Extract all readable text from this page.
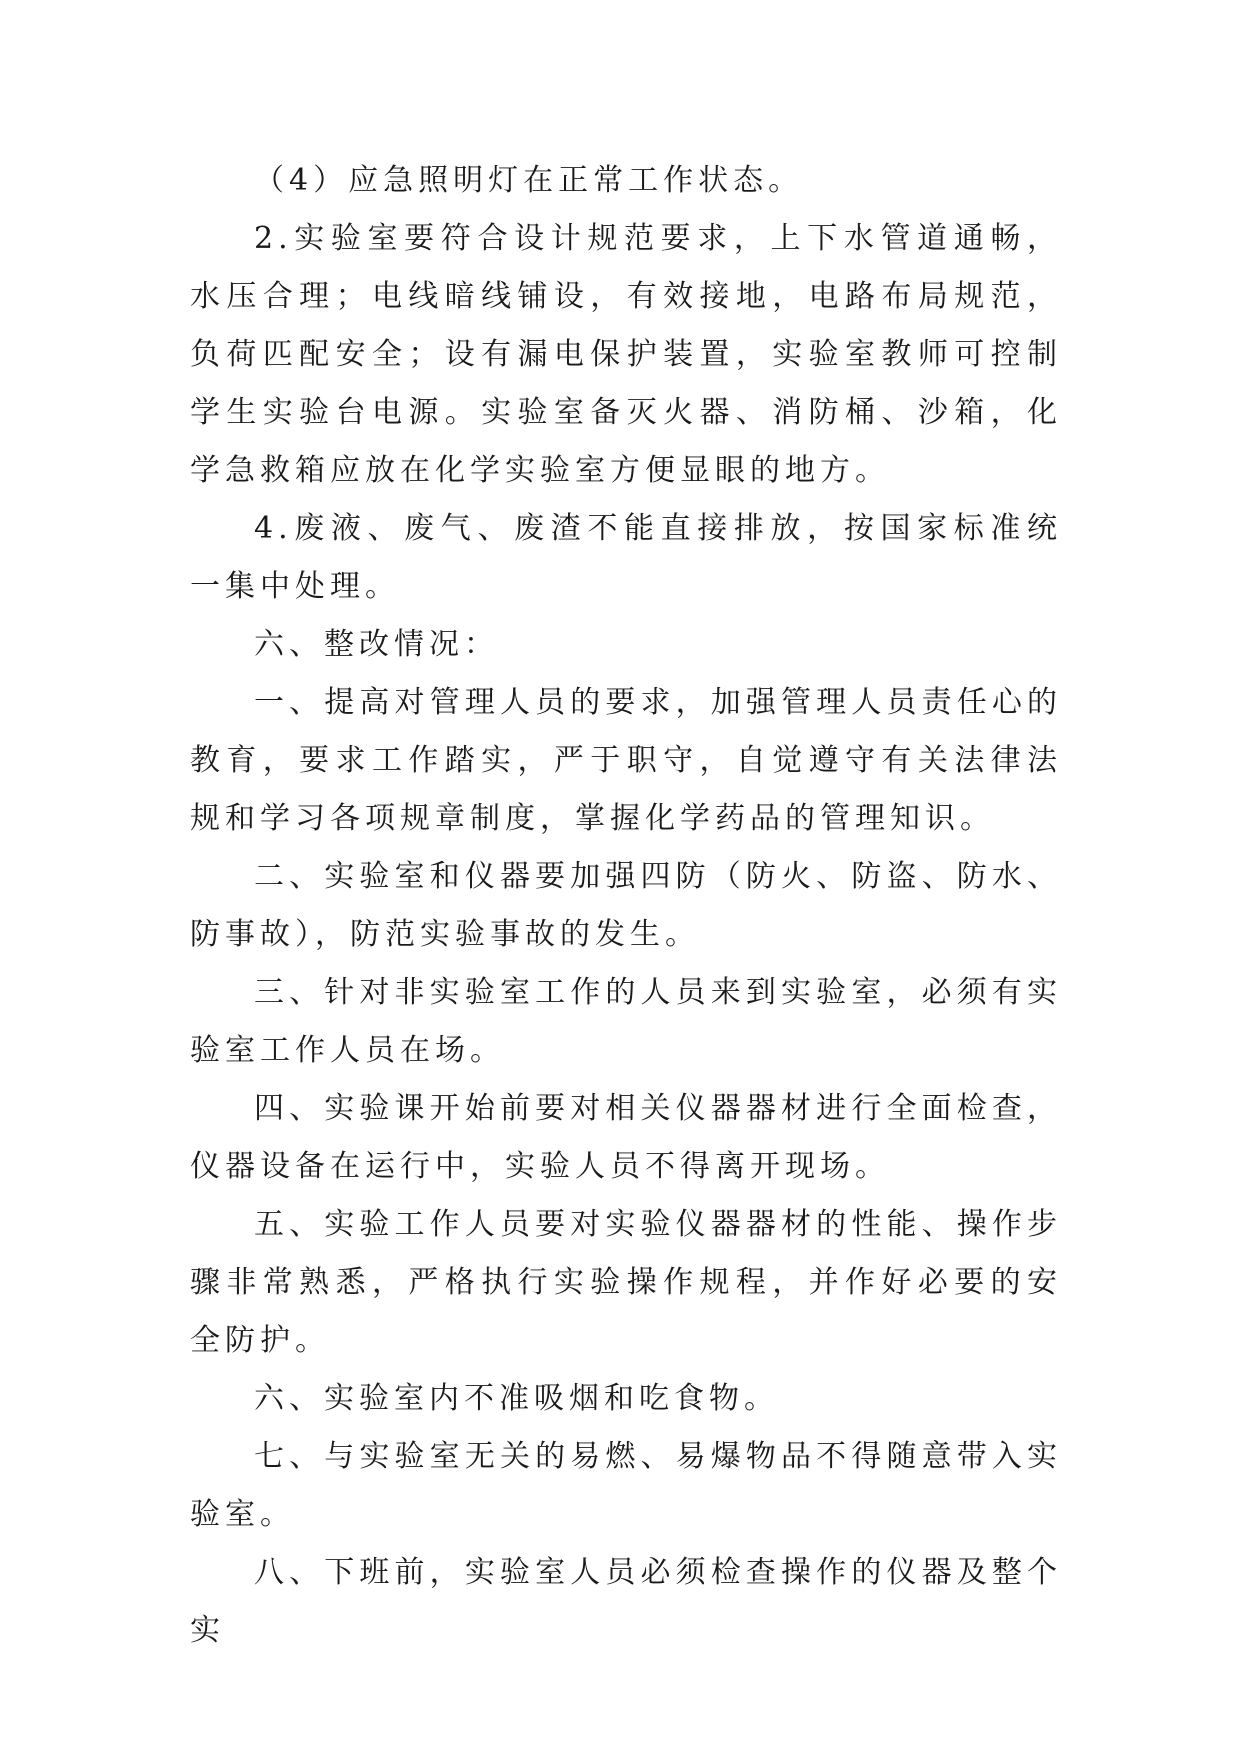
（4）应急照明灯在正常工作状态。

2.实验室要符合设计规范要求，上下水管道通畅，水压合理；电线暗线铺设，有效接地，电路布局规范，负荷匹配安全；设有漏电保护装置，实验室教师可控制学生实验台电源。实验室备灭火器、消防桶、沙箱，化学急救箱应放在化学实验室方便显眼的地方。

4.废液、废气、废渣不能直接排放，按国家标准统一集中处理。

六、整改情况：

一、提高对管理人员的要求，加强管理人员责任心的教育，要求工作踏实，严于职守，自觉遵守有关法律法规和学习各项规章制度，掌握化学药品的管理知识。

二、实验室和仪器要加强四防（防火、防盗、防水、防事故），防范实验事故的发生。

三、针对非实验室工作的人员来到实验室，必须有实验室工作人员在场。

四、实验课开始前要对相关仪器器材进行全面检查，仪器设备在运行中，实验人员不得离开现场。

五、实验工作人员要对实验仪器器材的性能、操作步骤非常熟悉，严格执行实验操作规程，并作好必要的安全防护。

六、实验室内不准吸烟和吃食物。

七、与实验室无关的易燃、易爆物品不得随意带入实验室。

八、下班前，实验室人员必须检查操作的仪器及整个实
